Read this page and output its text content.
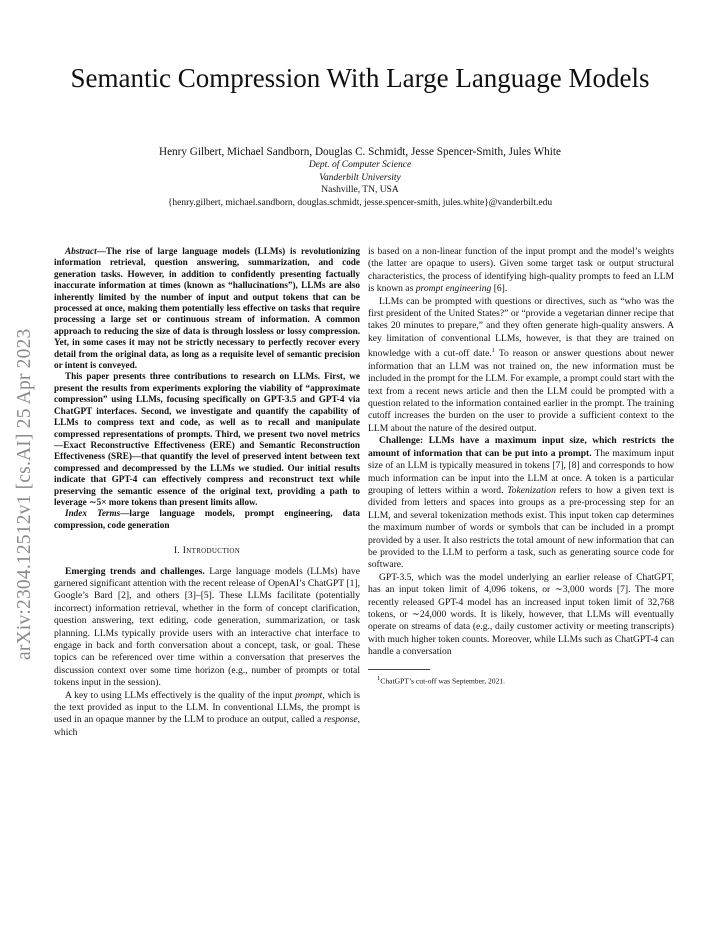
arXiv:2304.12512v1 [cs.AI] 25 Apr 2023
Semantic Compression With Large Language Models
Henry Gilbert, Michael Sandborn, Douglas C. Schmidt, Jesse Spencer-Smith, Jules White
Dept. of Computer Science
Vanderbilt University
Nashville, TN, USA
{henry.gilbert, michael.sandborn, douglas.schmidt, jesse.spencer-smith, jules.white}@vanderbilt.edu

Abstract—The rise of large language models (LLMs) is revolutionizing information retrieval, question answering, summarization, and code generation tasks. However, in addition to confidently presenting factually inaccurate information at times (known as “hallucinations”), LLMs are also inherently limited by the number of input and output tokens that can be processed at once, making them potentially less effective on tasks that require processing a large set or continuous stream of information. A common approach to reducing the size of data is through lossless or lossy compression. Yet, in some cases it may not be strictly necessary to perfectly recover every detail from the original data, as long as a requisite level of semantic precision or intent is conveyed.

This paper presents three contributions to research on LLMs. First, we present the results from experiments exploring the viability of “approximate compression” using LLMs, focusing specifically on GPT-3.5 and GPT-4 via ChatGPT interfaces. Second, we investigate and quantify the capability of LLMs to compress text and code, as well as to recall and manipulate compressed representations of prompts. Third, we present two novel metrics—Exact Reconstructive Effectiveness (ERE) and Semantic Reconstruction Effectiveness (SRE)—that quantify the level of preserved intent between text compressed and decompressed by the LLMs we studied. Our initial results indicate that GPT-4 can effectively compress and reconstruct text while preserving the semantic essence of the original text, providing a path to leverage ∼5× more tokens than present limits allow.

Index Terms—large language models, prompt engineering, data compression, code generation

I. Introduction

Emerging trends and challenges. Large language models (LLMs) have garnered significant attention with the recent release of OpenAI’s ChatGPT [1], Google’s Bard [2], and others [3]–[5]. These LLMs facilitate (potentially incorrect) information retrieval, whether in the form of concept clarification, question answering, text editing, code generation, summarization, or task planning. LLMs typically provide users with an interactive chat interface to engage in back and forth conversation about a concept, task, or goal. These topics can be referenced over time within a conversation that preserves the discussion context over some time horizon (e.g., number of prompts or total tokens input in the session).

A key to using LLMs effectively is the quality of the input prompt, which is the text provided as input to the LLM. In conventional LLMs, the prompt is used in an opaque manner by the LLM to produce an output, called a response, which

is based on a non-linear function of the input prompt and the model’s weights (the latter are opaque to users). Given some target task or output structural characteristics, the process of identifying high-quality prompts to feed an LLM is known as prompt engineering [6].

LLMs can be prompted with questions or directives, such as “who was the first president of the United States?” or “provide a vegetarian dinner recipe that takes 20 minutes to prepare,” and they often generate high-quality answers. A key limitation of conventional LLMs, however, is that they are trained on knowledge with a cut-off date.$^1$ To reason or answer questions about newer information that an LLM was not trained on, the new information must be included in the prompt for the LLM. For example, a prompt could start with the text from a recent news article and then the LLM could be prompted with a question related to the information contained earlier in the prompt. The training cutoff increases the burden on the user to provide a sufficient context to the LLM about the nature of the desired output.

Challenge: LLMs have a maximum input size, which restricts the amount of information that can be put into a prompt. The maximum input size of an LLM is typically measured in tokens [7], [8] and corresponds to how much information can be input into the LLM at once. A token is a particular grouping of letters within a word. Tokenization refers to how a given text is divided from letters and spaces into groups as a pre-processing step for an LLM, and several tokenization methods exist. This input token cap determines the maximum number of words or symbols that can be included in a prompt provided by a user. It also restricts the total amount of new information that can be provided to the LLM to perform a task, such as generating source code for software.

GPT-3.5, which was the model underlying an earlier release of ChatGPT, has an input token limit of 4,096 tokens, or ∼3,000 words [7]. The more recently released GPT-4 model has an increased input token limit of 32,768 tokens, or ∼24,000 words. It is likely, however, that LLMs will eventually operate on streams of data (e.g., daily customer activity or meeting transcripts) with much higher token counts. Moreover, while LLMs such as ChatGPT-4 can handle a conversation

$^1$ChatGPT’s cut-off was September, 2021.
